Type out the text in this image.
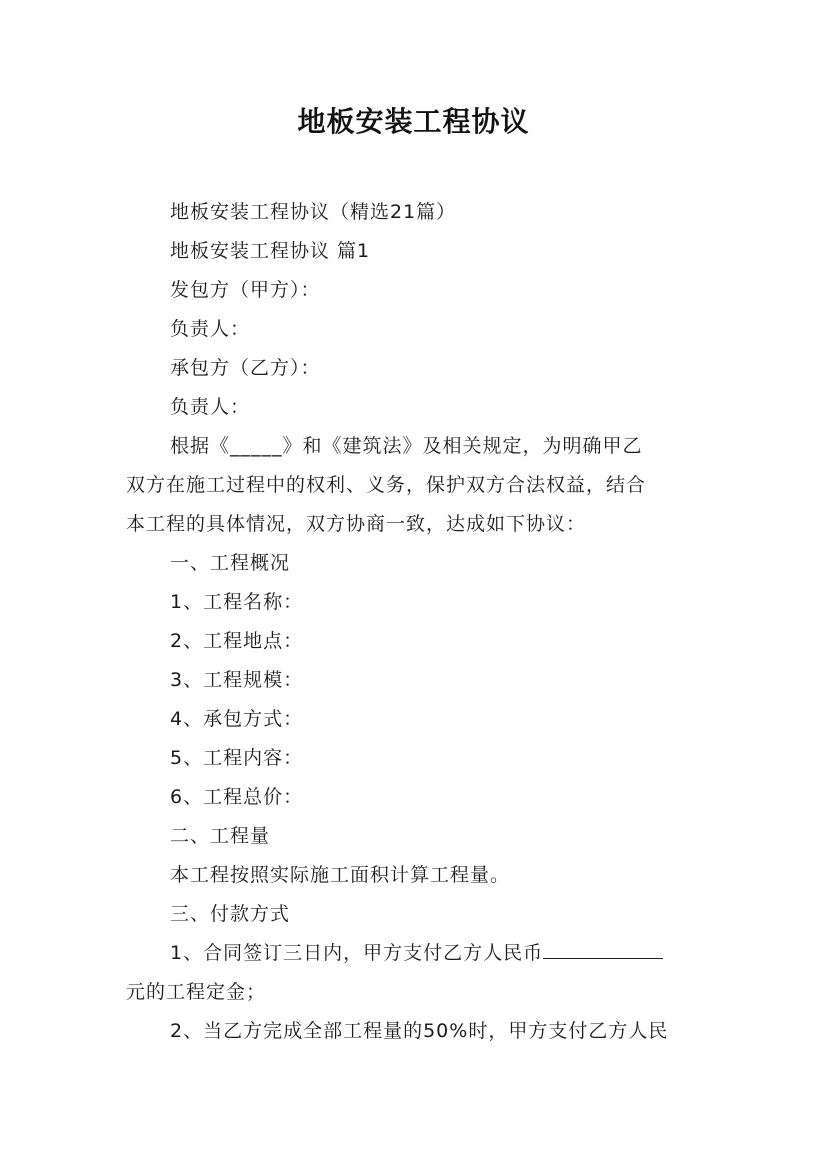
地板安装工程协议
地板安装工程协议（精选21篇）
地板安装工程协议 篇1
发包方（甲方）：
负责人：
承包方（乙方）：
负责人：
根据《_____》和《建筑法》及相关规定，为明确甲乙
双方在施工过程中的权利、义务，保护双方合法权益，结合
本工程的具体情况，双方协商一致，达成如下协议：
一、工程概况
1、工程名称：
2、工程地点：
3、工程规模：
4、承包方式：
5、工程内容：
6、工程总价：
二、工程量
本工程按照实际施工面积计算工程量。
三、付款方式
1、合同签订三日内，甲方支付乙方人民币
元的工程定金；
2、当乙方完成全部工程量的50%时，甲方支付乙方人民
